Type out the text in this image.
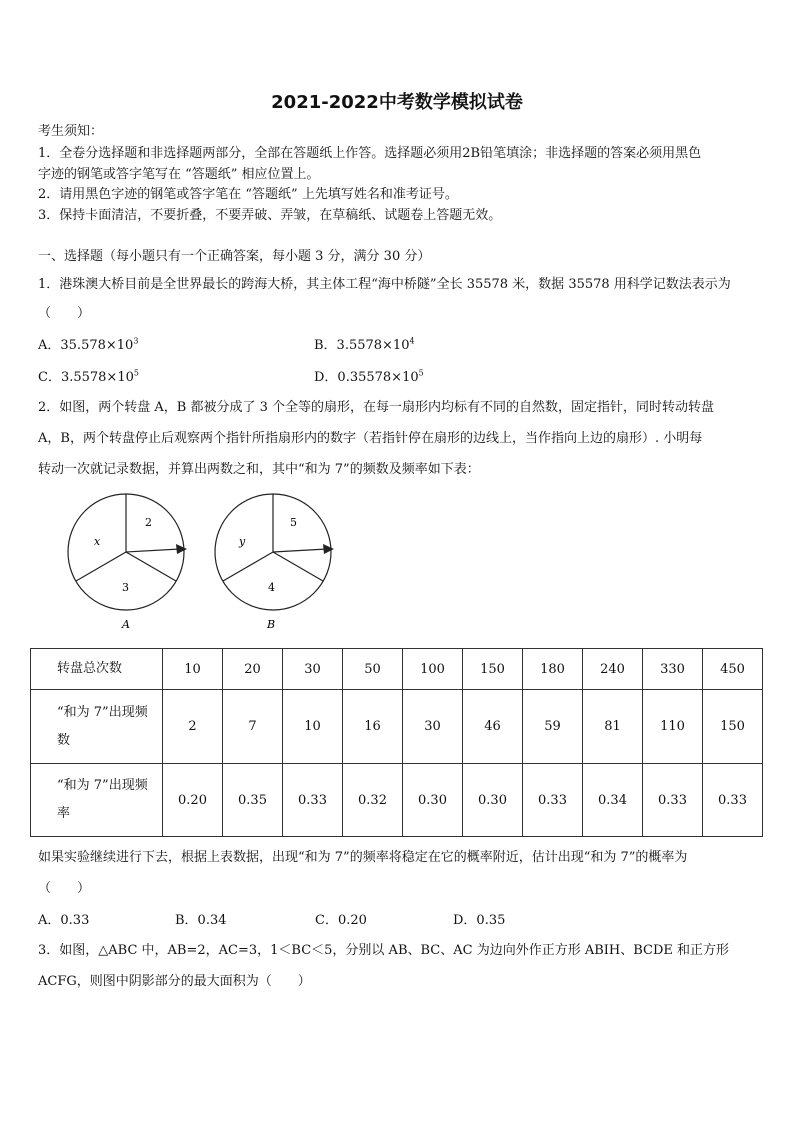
2021-2022中考数学模拟试卷
考生须知：
1．全卷分选择题和非选择题两部分，全部在答题纸上作答。选择题必须用2B铅笔填涂；非选择题的答案必须用黑色
字迹的钢笔或答字笔写在 “答题纸” 相应位置上。
2．请用黑色字迹的钢笔或答字笔在 “答题纸” 上先填写姓名和准考证号。
3．保持卡面清洁，不要折叠，不要弄破、弄皱，在草稿纸、试题卷上答题无效。
一、选择题（每小题只有一个正确答案，每小题 3 分，满分 30 分）
1．港珠澳大桥目前是全世界最长的跨海大桥，其主体工程“海中桥隧”全长 35578 米，数据 35578 用科学记数法表示为
（　　）
A．$35.578\times 10^3$	B．$3.5578\times 10^4$
C．$3.5578\times 10^5$	D．$0.35578\times 10^5$
2．如图，两个转盘 A，B 都被分成了 3 个全等的扇形，在每一扇形内均标有不同的自然数，固定指针，同时转动转盘
A，B，两个转盘停止后观察两个指针所指扇形内的数字（若指针停在扇形的边线上，当作指向上边的扇形）. 小明每
转动一次就记录数据，并算出两数之和，其中“和为 7”的频数及频率如下表：
x
2
3
A
y
5
4
B
转盘总次数	10	20	30	50	100	150	180	240	330	450
“和为 7”出现频
数	2	7	10	16	30	46	59	81	110	150
“和为 7”出现频
率	0.20	0.35	0.33	0.32	0.30	0.30	0.33	0.34	0.33	0.33
如果实验继续进行下去，根据上表数据，出现“和为 7”的频率将稳定在它的概率附近，估计出现“和为 7”的概率为
（　　）
A．0.33	B．0.34	C．0.20	D．0.35
3．如图，△ABC 中，AB=2，AC=3，1＜BC＜5，分别以 AB、BC、AC 为边向外作正方形 ABIH、BCDE 和正方形
ACFG，则图中阴影部分的最大面积为（　　）
